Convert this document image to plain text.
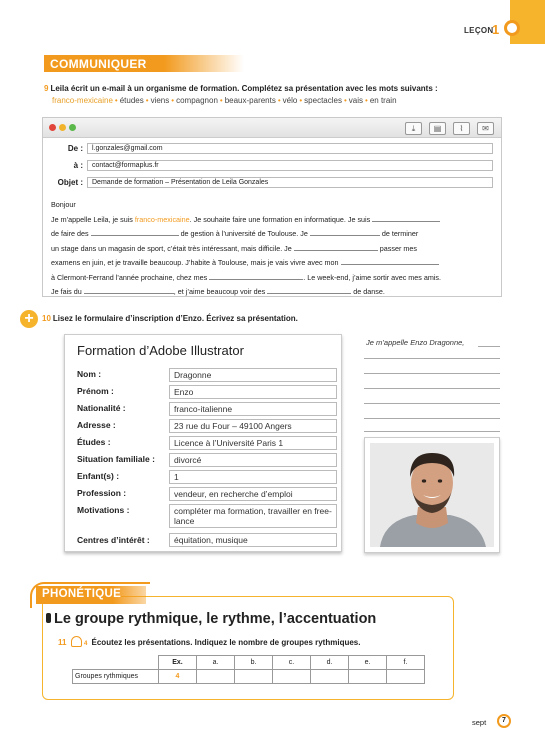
LEÇON
1
COMMUNIQUER
9 Leila écrit un e-mail à un organisme de formation. Complétez sa présentation avec les mots suivants :
franco-mexicaine • études • viens • compagnon • beaux-parents • vélo • spectacles • vais • en train
⤓	▤	⌇	✉
De :	l.gonzales@gmail.com
à :	contact@formaplus.fr
Objet :	Demande de formation – Présentation de Leila Gonzales
Bonjour
Je m’appelle Leila, je suis franco-mexicaine. Je souhaite faire une formation en informatique. Je suis
de faire des	de gestion à l’université de Toulouse. Je	de terminer
un stage dans un magasin de sport, c’était très intéressant, mais difficile. Je	passer mes
examens en juin, et je travaille beaucoup. J’habite à Toulouse, mais je vais vivre avec mon
à Clermont-Ferrand l’année prochaine, chez mes	. Le week-end, j’aime sortir avec mes amis.
Je fais du	, et j’aime beaucoup voir des	de danse.
+	10 Lisez le formulaire d’inscription d’Enzo. Écrivez sa présentation.
Formation d’Adobe Illustrator
Nom :	Dragonne
Prénom :	Enzo
Nationalité :	franco-italienne
Adresse :	23 rue du Four – 49100 Angers
Études :	Licence à l’Université Paris 1
Situation familiale :	divorcé
Enfant(s) :	1
Profession :	vendeur, en recherche d’emploi
Motivations :	compléter ma formation, travailler en free-lance
Centres d’intérêt :	équitation, musique
Je m’appelle Enzo Dragonne,
PHONÉTIQUE
Le groupe rythmique, le rythme, l’accentuation
11	4 Écoutez les présentations. Indiquez le nombre de groupes rythmiques.
	Ex.	a.	b.	c.	d.	e.	f.
Groupes rythmiques	4						
sept	7
